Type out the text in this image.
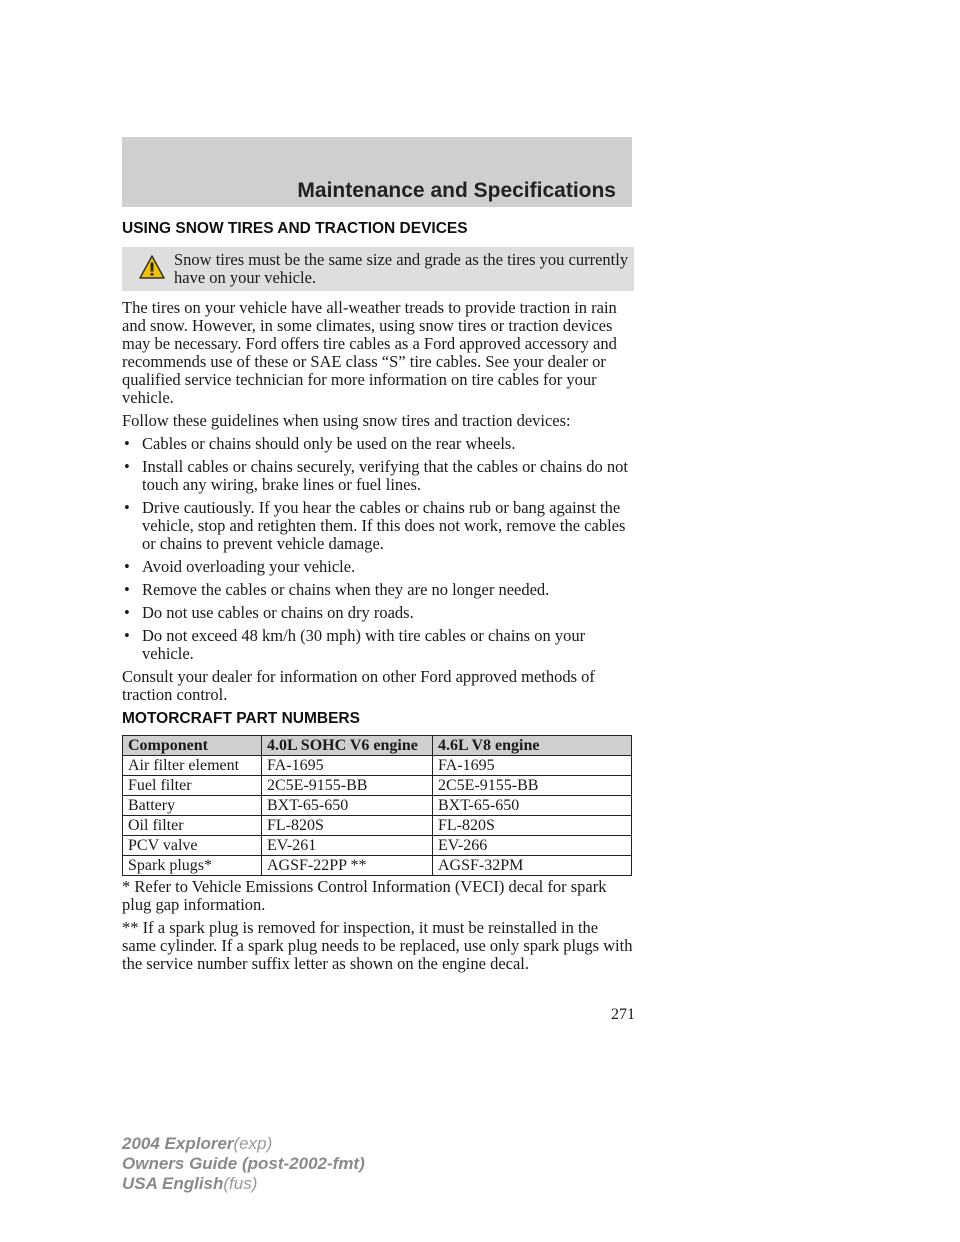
Maintenance and Specifications
USING SNOW TIRES AND TRACTION DEVICES
Snow tires must be the same size and grade as the tires you currently have on your vehicle.

The tires on your vehicle have all-weather treads to provide traction in rain and snow. However, in some climates, using snow tires or traction devices may be necessary. Ford offers tire cables as a Ford approved accessory and recommends use of these or SAE class “S” tire cables. See your dealer or qualified service technician for more information on tire cables for your vehicle.

Follow these guidelines when using snow tires and traction devices:

• Cables or chains should only be used on the rear wheels.
• Install cables or chains securely, verifying that the cables or chains do not touch any wiring, brake lines or fuel lines.
• Drive cautiously. If you hear the cables or chains rub or bang against the vehicle, stop and retighten them. If this does not work, remove the cables or chains to prevent vehicle damage.
• Avoid overloading your vehicle.
• Remove the cables or chains when they are no longer needed.
• Do not use cables or chains on dry roads.
• Do not exceed 48 km/h (30 mph) with tire cables or chains on your vehicle.

Consult your dealer for information on other Ford approved methods of traction control.

MOTORCRAFT PART NUMBERS
Component	4.0L SOHC V6 engine	4.6L V8 engine
Air filter element	FA-1695	FA-1695
Fuel filter	2C5E-9155-BB	2C5E-9155-BB
Battery	BXT-65-650	BXT-65-650
Oil filter	FL-820S	FL-820S
PCV valve	EV-261	EV-266
Spark plugs*	AGSF-22PP **	AGSF-32PM

* Refer to Vehicle Emissions Control Information (VECI) decal for spark plug gap information.

** If a spark plug is removed for inspection, it must be reinstalled in the same cylinder. If a spark plug needs to be replaced, use only spark plugs with the service number suffix letter as shown on the engine decal.

271
2004 Explorer(exp)
Owners Guide (post-2002-fmt)
USA English(fus)
